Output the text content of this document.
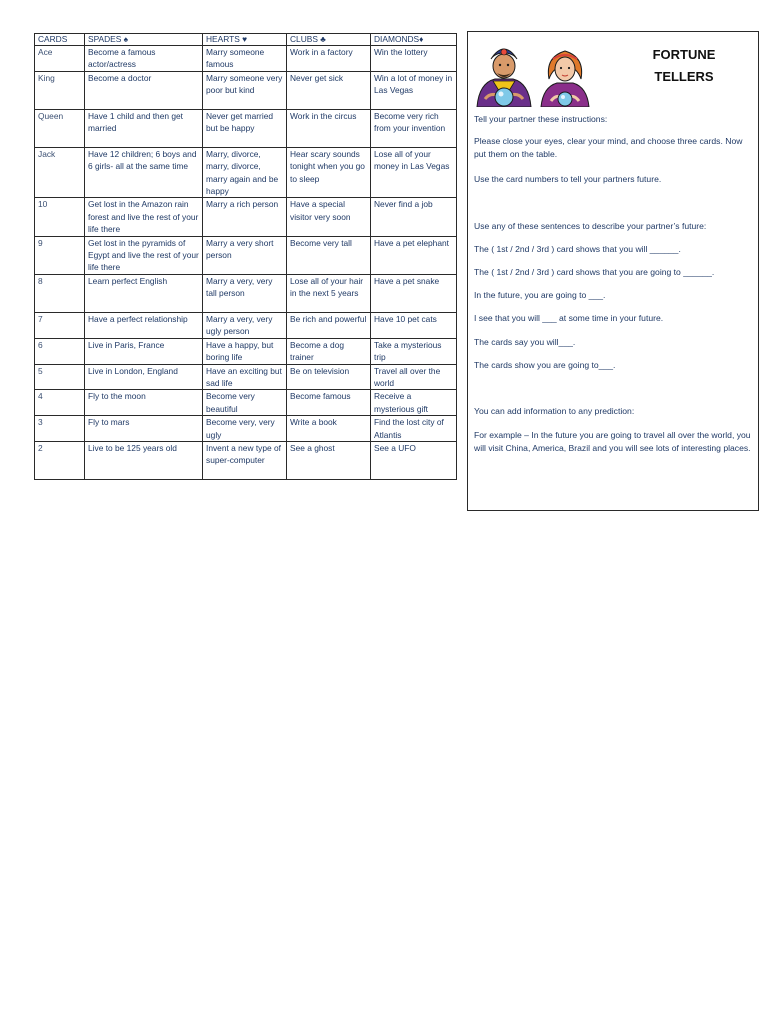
CARDS	SPADES ♠	HEARTS ♥	CLUBS ♣	DIAMONDS♦
Ace	Become a famous actor/actress	Marry someone famous	Work in a factory	Win the lottery
King	Become a doctor	Marry someone very poor but kind	Never get sick	Win a lot of money in Las Vegas
Queen	Have 1 child and then get married	Never get married but be happy	Work in the circus	Become very rich from your invention
Jack	Have 12 children; 6 boys and 6 girls- all at the same time	Marry, divorce, marry, divorce, marry again and be happy	Hear scary sounds tonight when you go to sleep	Lose all of your money in Las Vegas
10	Get lost in the Amazon rain forest and live the rest of your life there	Marry a rich person	Have a special visitor very soon	Never find a job
9	Get lost in the pyramids of Egypt and live the rest of your life there	Marry a very short person	Become very tall	Have a pet elephant
8	Learn perfect English	Marry a very, very tall person	Lose all of your hair in the next 5 years	Have a pet snake
7	Have a perfect relationship	Marry a very, very ugly person	Be rich and powerful	Have 10 pet cats
6	Live in Paris, France	Have a happy, but boring life	Become a dog trainer	Take a mysterious trip
5	Live in London, England	Have an exciting but sad life	Be on television	Travel all over the world
4	Fly to the moon	Become very beautiful	Become famous	Receive a mysterious gift
3	Fly to mars	Become very, very ugly	Write a book	Find the lost city of Atlantis
2	Live to be 125 years old	Invent a new type of super-computer	See a ghost	See a UFO
FORTUNE
TELLERS

Tell your partner these instructions:

Please close your eyes, clear your mind, and choose three cards. Now put them on the table.

Use the card numbers to tell your partners future.

Use any of these sentences to describe your partner’s future:

The ( 1st / 2nd / 3rd ) card shows that you will ______.

The ( 1st / 2nd / 3rd ) card shows that you are going to ______.

In the future, you are going to ___.

I see that you will ___ at some time in your future.

The cards say you will___.

The cards show you are going to___.

You can add information to any prediction:

For example – In the future you are going to travel all over the world, you will visit China, America, Brazil and you will see lots of interesting places.
